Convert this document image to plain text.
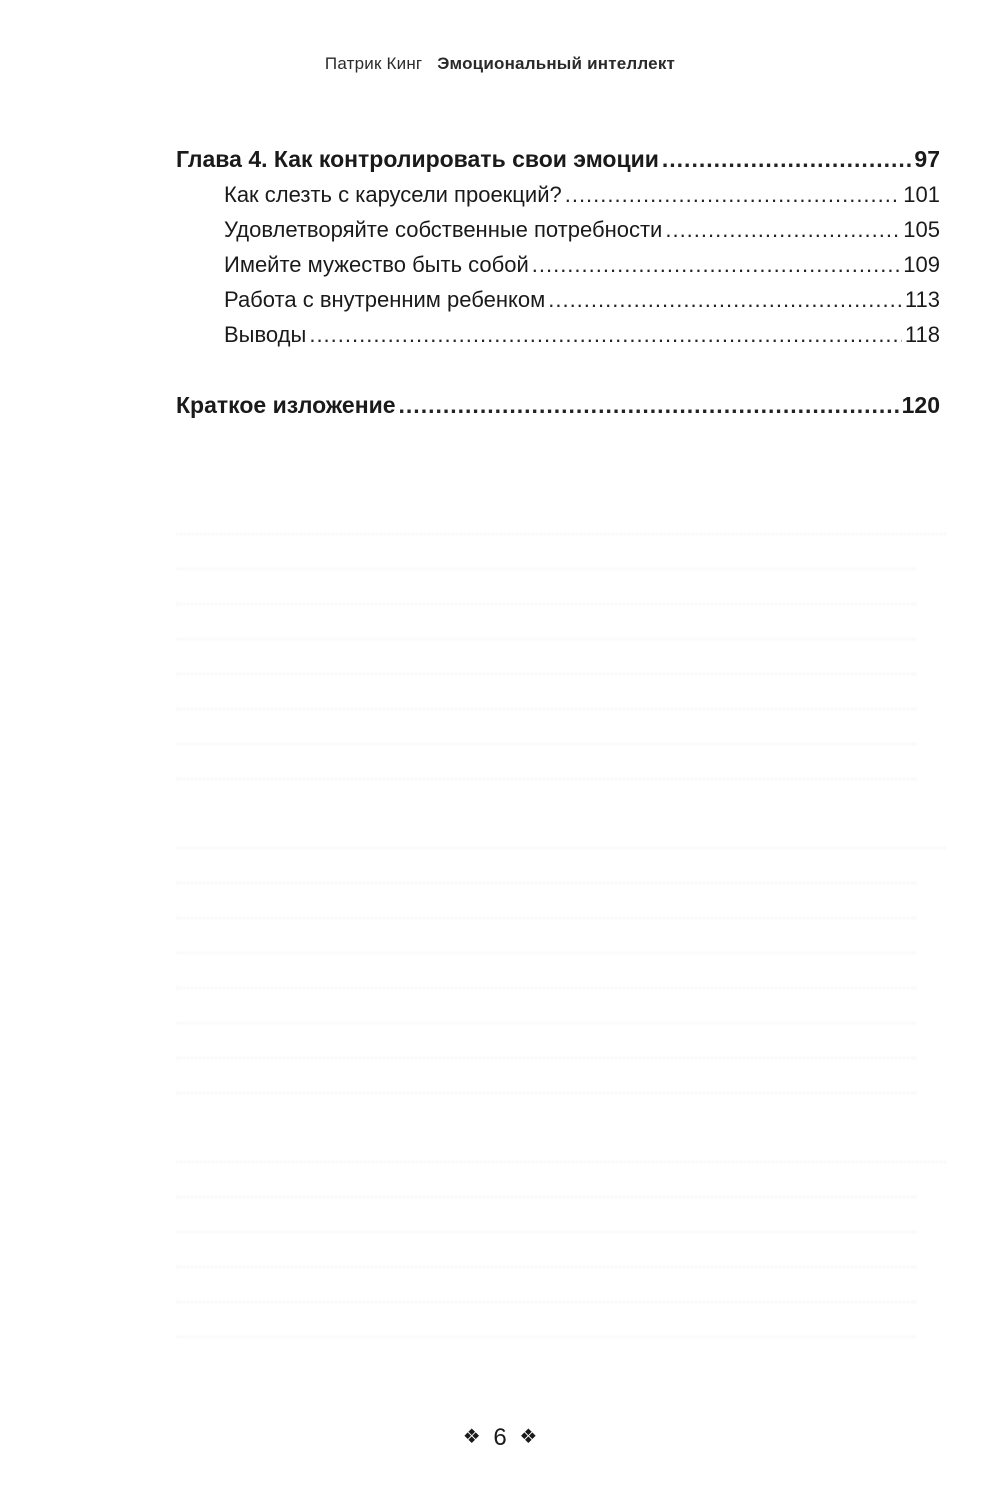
Патрик Кинг Эмоциональный интеллект
Глава 4. Как контролировать свои эмоции .....	97
Как слезть с карусели проекций? .....	101
Удовлетворяйте собственные потребности .....	105
Имейте мужество быть собой .....	109
Работа с внутренним ребенком .....	113
Выводы .....	118
Краткое изложение .....	120
❖ 6 ❖
